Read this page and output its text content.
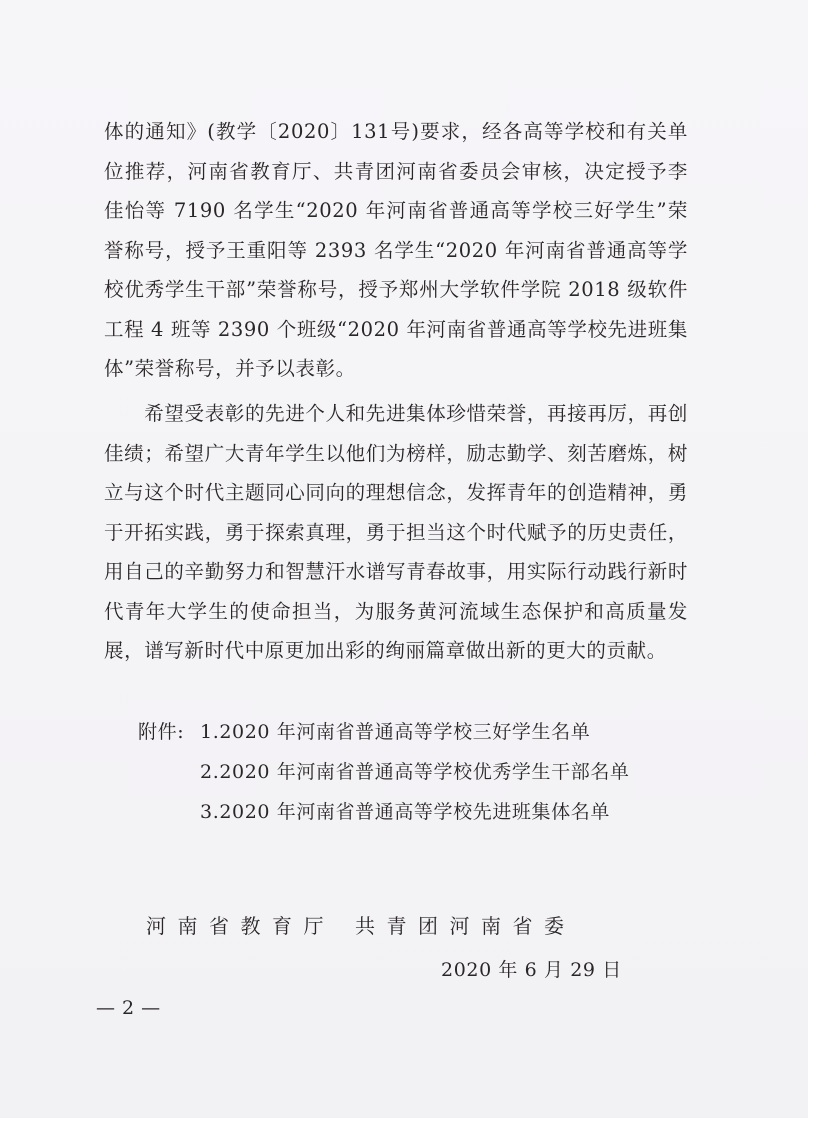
体的通知》(教学〔2020〕131号)要求，经各高等学校和有关单
位推荐，河南省教育厅、共青团河南省委员会审核，决定授予李
佳怡等 7190 名学生“2020 年河南省普通高等学校三好学生”荣
誉称号，授予王重阳等 2393 名学生“2020 年河南省普通高等学
校优秀学生干部”荣誉称号，授予郑州大学软件学院 2018 级软件
工程 4 班等 2390 个班级“2020 年河南省普通高等学校先进班集
体”荣誉称号，并予以表彰。
　　希望受表彰的先进个人和先进集体珍惜荣誉，再接再厉，再创
佳绩；希望广大青年学生以他们为榜样，励志勤学、刻苦磨炼，树
立与这个时代主题同心同向的理想信念，发挥青年的创造精神，勇
于开拓实践，勇于探索真理，勇于担当这个时代赋予的历史责任，
用自己的辛勤努力和智慧汗水谱写青春故事，用实际行动践行新时
代青年大学生的使命担当，为服务黄河流域生态保护和高质量发
展，谱写新时代中原更加出彩的绚丽篇章做出新的更大的贡献。
附件: 1.2020 年河南省普通高等学校三好学生名单
2.2020 年河南省普通高等学校优秀学生干部名单
3.2020 年河南省普通高等学校先进班集体名单
河南省教育厅 共青团河南省委
2020 年 6 月 29 日
— 2 —
